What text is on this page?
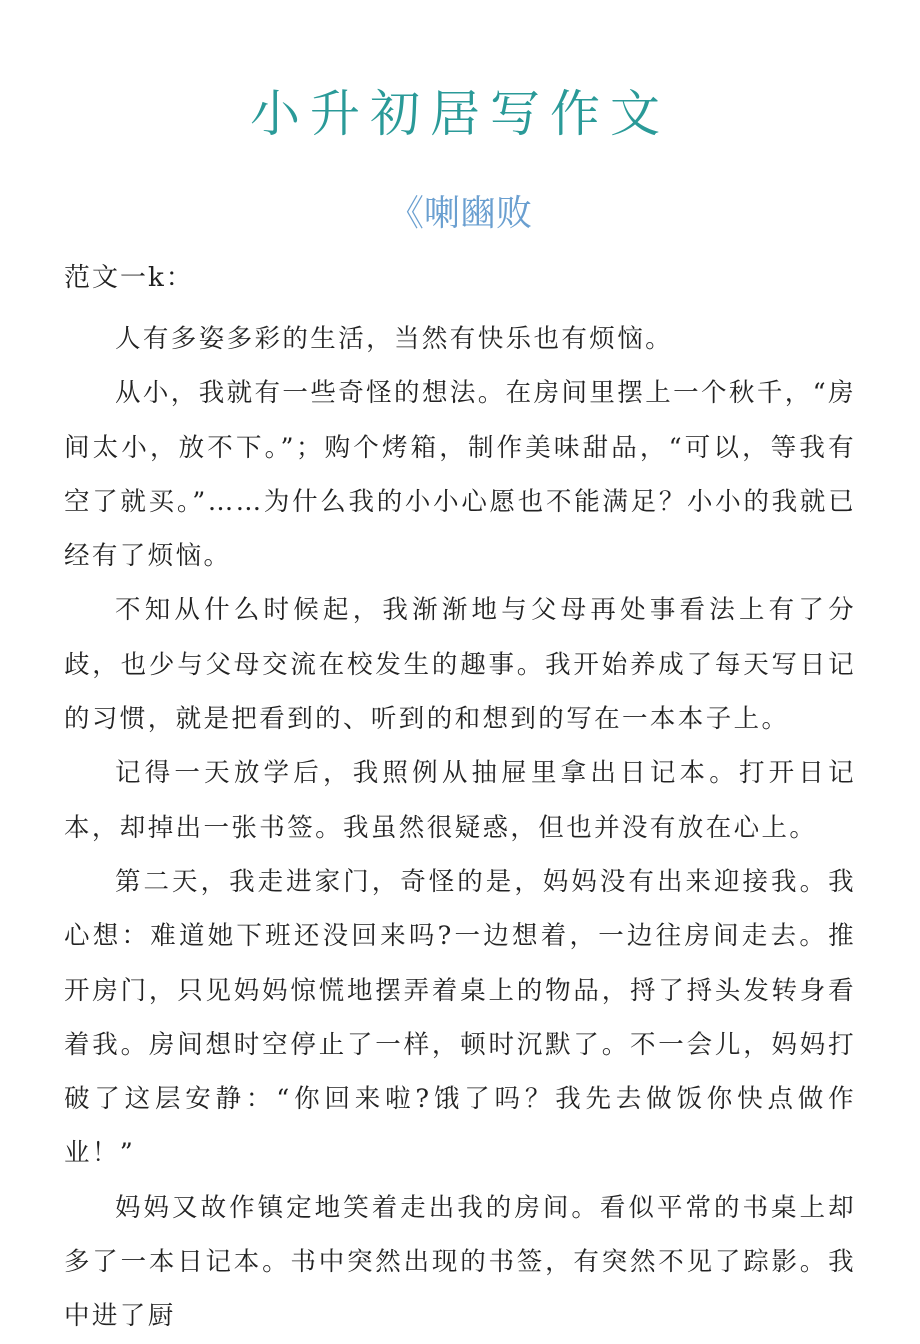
小升初居写作文
《喇豳败
范文一k：

人有多姿多彩的生活，当然有快乐也有烦恼。

从小，我就有一些奇怪的想法。在房间里摆上一个秋千，“房间太小，放不下。”；购个烤箱，制作美味甜品，“可以，等我有空了就买。”……为什么我的小小心愿也不能满足？小小的我就已经有了烦恼。

不知从什么时候起，我渐渐地与父母再处事看法上有了分歧，也少与父母交流在校发生的趣事。我开始养成了每天写日记的习惯，就是把看到的、听到的和想到的写在一本本子上。

记得一天放学后，我照例从抽屉里拿出日记本。打开日记本，却掉出一张书签。我虽然很疑惑，但也并没有放在心上。

第二天，我走进家门，奇怪的是，妈妈没有出来迎接我。我心想：难道她下班还没回来吗?一边想着，一边往房间走去。推开房门，只见妈妈惊慌地摆弄着桌上的物品，捋了捋头发转身看着我。房间想时空停止了一样，顿时沉默了。不一会儿，妈妈打破了这层安静：“你回来啦?饿了吗？我先去做饭你快点做作业！”

妈妈又故作镇定地笑着走出我的房间。看似平常的书桌上却多了一本日记本。书中突然出现的书签，有突然不见了踪影。我中进了厨
